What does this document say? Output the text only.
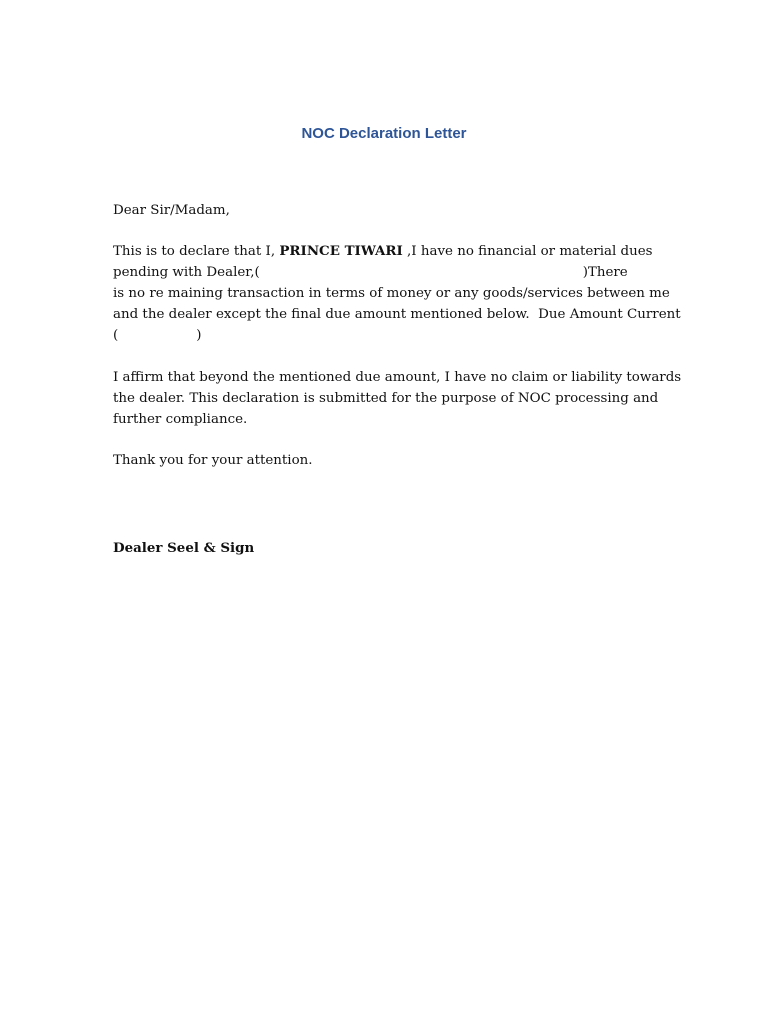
NOC Declaration Letter
Dear Sir/Madam,
This is to declare that I, PRINCE TIWARI ,I have no financial or material dues
pending with Dealer,(	)There
is no re maining transaction in terms of money or any goods/services between me
and the dealer except the final due amount mentioned below.  Due Amount Current
(	)
I affirm that beyond the mentioned due amount, I have no claim or liability towards
the dealer. This declaration is submitted for the purpose of NOC processing and
further compliance.
Thank you for your attention.
Dealer Seel & Sign
